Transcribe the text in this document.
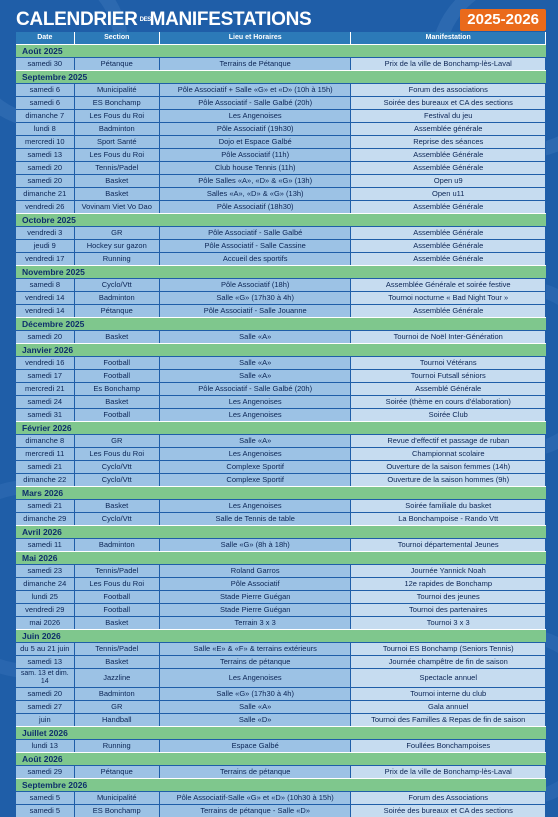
CALENDRIER DESMANIFESTATIONS	2025-2026
Date	Section	Lieu et Horaires	Manifestation
Août 2025
samedi 30	Pétanque	Terrains de Pétanque	Prix de la ville de Bonchamp-lès-Laval
Septembre 2025
samedi 6	Municipalité	Pôle Associatif + Salle «G» et «D» (10h à 15h)	Forum des associations
samedi 6	ES Bonchamp	Pôle Associatif - Salle Galbé (20h)	Soirée des bureaux et CA des sections
dimanche 7	Les Fous du Roi	Les Angenoises	Festival du jeu
lundi 8	Badminton	Pôle Associatif (19h30)	Assemblée générale
mercredi 10	Sport Santé	Dojo et Espace Galbé	Reprise des séances
samedi 13	Les Fous du Roi	Pôle Associatif (11h)	Assemblée Générale
samedi 20	Tennis/Padel	Club house Tennis (11h)	Assemblée Générale
samedi 20	Basket	Pôle Salles «A», «D» & «G» (13h)	Open u9
dimanche 21	Basket	Salles «A», «D» & «G» (13h)	Open u11
vendredi 26	Vovinam Viet Vo Dao	Pôle Associatif (18h30)	Assemblée Générale
Octobre 2025
vendredi 3	GR	Pôle Associatif - Salle Galbé	Assemblée Générale
jeudi 9	Hockey sur gazon	Pôle Associatif - Salle Cassine	Assemblée Générale
vendredi 17	Running	Accueil des sportifs	Assemblée Générale
Novembre 2025
samedi 8	Cyclo/Vtt	Pôle Associatif (18h)	Assemblée Générale et soirée festive
vendredi 14	Badminton	Salle «G» (17h30 à 4h)	Tournoi nocturne « Bad Night Tour »
vendredi 14	Pétanque	Pôle Associatif - Salle Jouanne	Assemblée Générale
Décembre 2025
samedi 20	Basket	Salle «A»	Tournoi de Noël Inter-Génération
Janvier 2026
vendredi 16	Football	Salle «A»	Tournoi Vétérans
samedi 17	Football	Salle «A»	Tournoi Futsall séniors
mercredi 21	Es Bonchamp	Pôle Associatif - Salle Galbé (20h)	Assemblé Générale
samedi 24	Basket	Les Angenoises	Soirée (thème en cours d'élaboration)
samedi 31	Football	Les Angenoises	Soirée Club
Février 2026
dimanche 8	GR	Salle «A»	Revue d'effectif et passage de ruban
mercredi 11	Les Fous du Roi	Les Angenoises	Championnat scolaire
samedi 21	Cyclo/Vtt	Complexe Sportif	Ouverture de la saison femmes (14h)
dimanche 22	Cyclo/Vtt	Complexe Sportif	Ouverture de la saison hommes (9h)
Mars 2026
samedi 21	Basket	Les Angenoises	Soirée familiale du basket
dimanche 29	Cyclo/Vtt	Salle de Tennis de table	La Bonchampoise - Rando Vtt
Avril 2026
samedi 11	Badminton	Salle «G» (8h à 18h)	Tournoi départemental Jeunes
Mai 2026
samedi 23	Tennis/Padel	Roland Garros	Journée Yannick Noah
dimanche 24	Les Fous du Roi	Pôle Associatif	12e rapides de Bonchamp
lundi 25	Football	Stade Pierre Guégan	Tournoi des jeunes
vendredi 29	Football	Stade Pierre Guégan	Tournoi des partenaires
mai 2026	Basket	Terrain 3 x 3	Tournoi 3 x 3
Juin 2026
du 5 au 21 juin	Tennis/Padel	Salle «E» & «F» & terrains extérieurs	Tournoi ES Bonchamp (Seniors Tennis)
samedi 13	Basket	Terrains de pétanque	Journée champêtre de fin de saison
sam. 13 et dim. 14	Jazzline	Les Angenoises	Spectacle annuel
samedi 20	Badminton	Salle «G» (17h30 à 4h)	Tournoi interne du club
samedi 27	GR	Salle «A»	Gala annuel
juin	Handball	Salle «D»	Tournoi des Familles & Repas de fin de saison
Juillet 2026
lundi 13	Running	Espace Galbé	Foullées Bonchampoises
Août 2026
samedi 29	Pétanque	Terrains de pétanque	Prix de la ville de Bonchamp-lès-Laval
Septembre 2026
samedi 5	Municipalité	Pôle Associatif-Salle «G» et «D» (10h30 à 15h)	Forum des Associations
samedi 5	ES Bonchamp	Terrains de pétanque - Salle «D»	Soirée des bureaux et CA des sections
